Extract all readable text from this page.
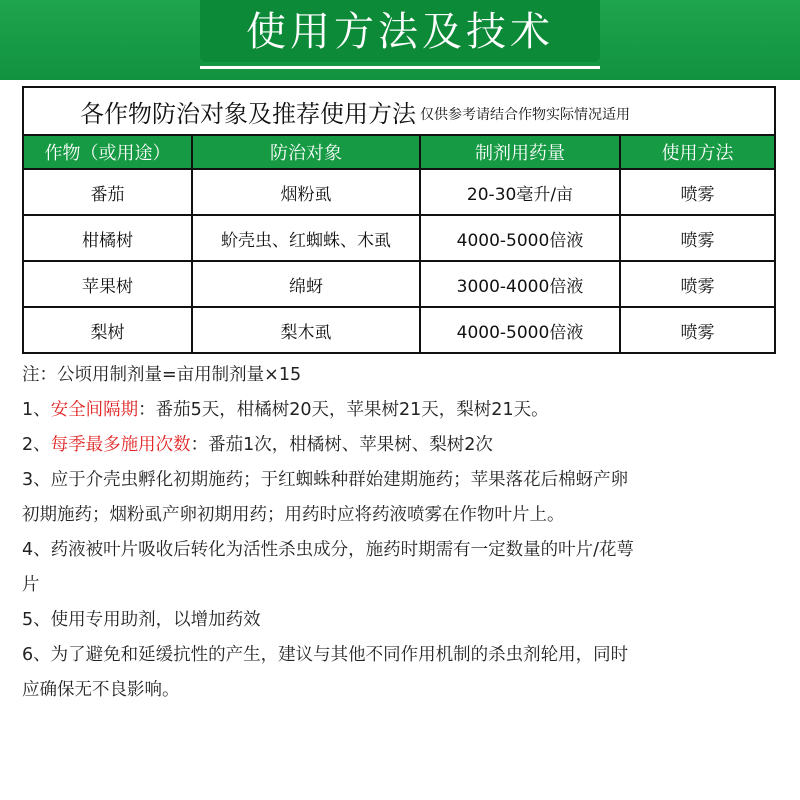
使用方法及技术
各作物防治对象及推荐使用方法 仅供参考请结合作物实际情况适用
作物（或用途）	防治对象	制剂用药量	使用方法
番茄	烟粉虱	20-30毫升/亩	喷雾
柑橘树	蚧壳虫、红蜘蛛、木虱	4000-5000倍液	喷雾
苹果树	绵蚜	3000-4000倍液	喷雾
梨树	梨木虱	4000-5000倍液	喷雾

注：公顷用制剂量=亩用制剂量×15

1、安全间隔期：番茄5天，柑橘树20天，苹果树21天，梨树21天。

2、每季最多施用次数：番茄1次，柑橘树、苹果树、梨树2次

3、应于介壳虫孵化初期施药；于红蜘蛛种群始建期施药；苹果落花后棉蚜产卵

初期施药；烟粉虱产卵初期用药；用药时应将药液喷雾在作物叶片上。

4、药液被叶片吸收后转化为活性杀虫成分，施药时期需有一定数量的叶片/花萼

片

5、使用专用助剂，以增加药效

6、为了避免和延缓抗性的产生，建议与其他不同作用机制的杀虫剂轮用，同时

应确保无不良影响。
